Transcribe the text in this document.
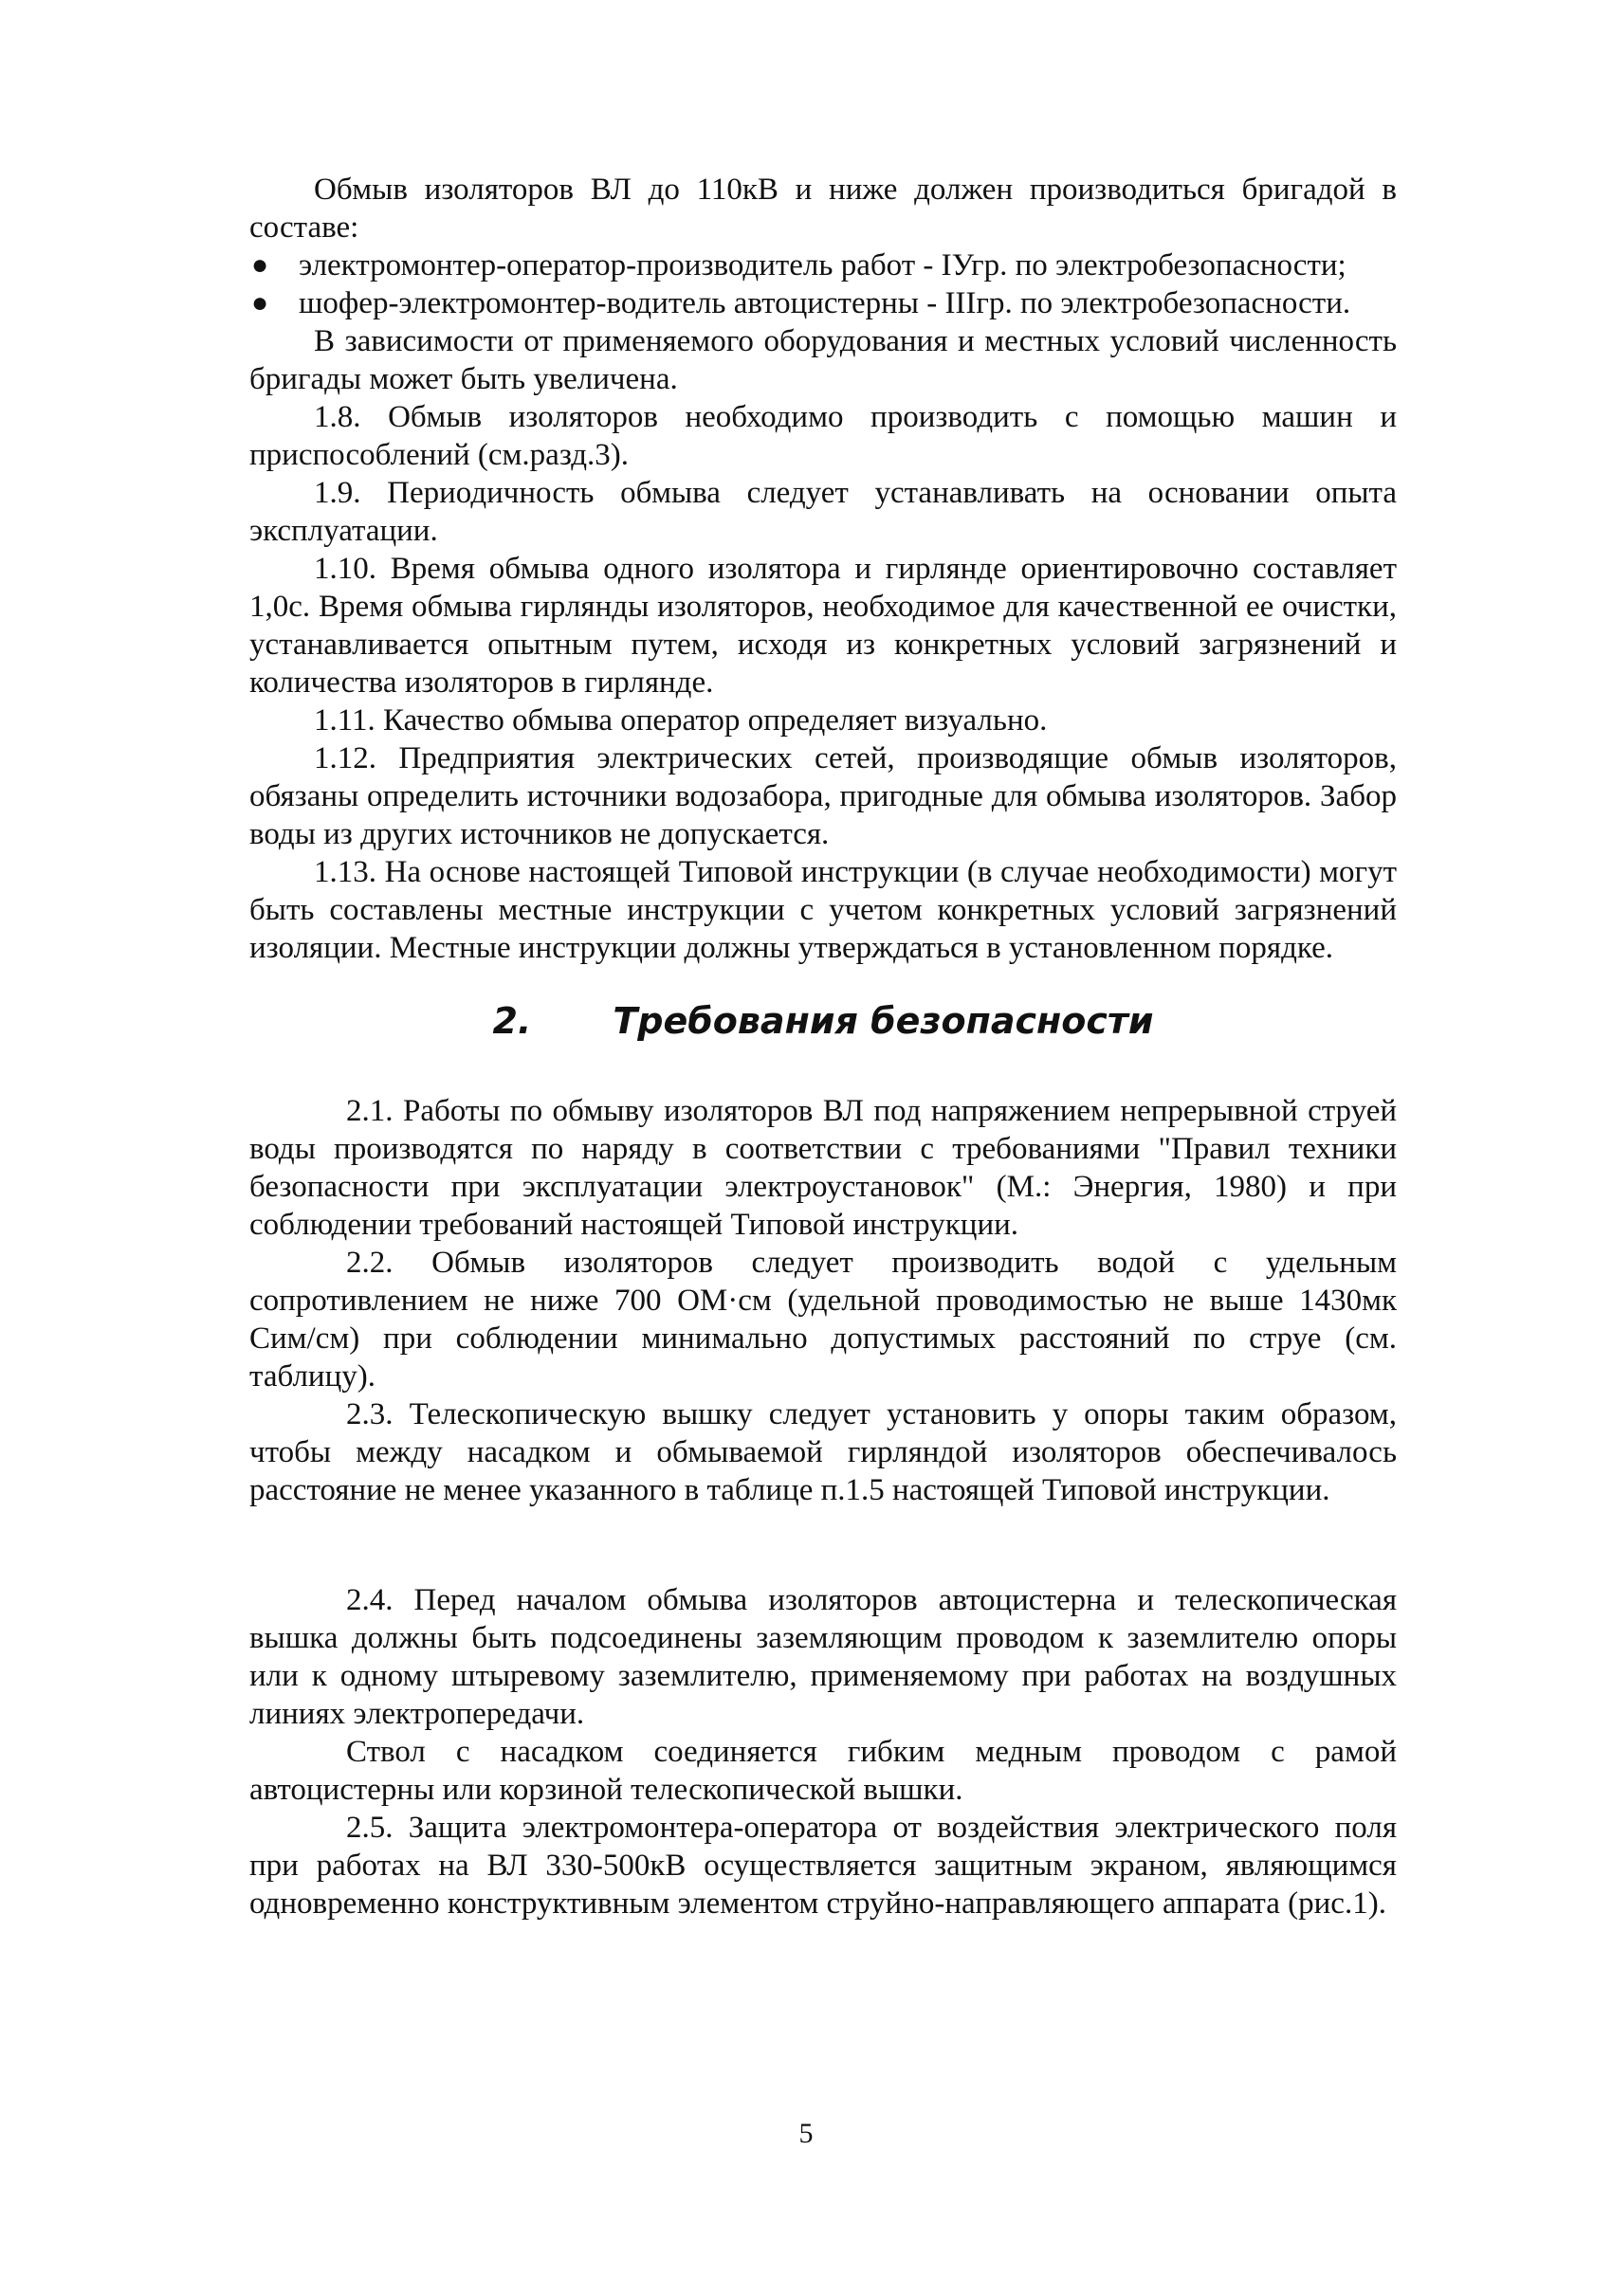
Обмыв изоляторов ВЛ до 110кВ и ниже должен производиться бригадой в составе:

● электромонтер-оператор-производитель работ - IУгр. по электробезопасности;
● шофер-электромонтер-водитель автоцистерны - IIIгр. по электробезопасности.

В зависимости от применяемого оборудования и местных условий численность бригады может быть увеличена.

1.8. Обмыв изоляторов необходимо производить с помощью машин и приспособлений (см.разд.3).

1.9. Периодичность обмыва следует устанавливать на основании опыта эксплуатации.

1.10. Время обмыва одного изолятора и гирлянде ориентировочно составляет 1,0с. Время обмыва гирлянды изоляторов, необходимое для качественной ее очистки, устанавливается опытным путем, исходя из конкретных условий загрязнений и количества изоляторов в гирлянде.

1.11. Качество обмыва оператор определяет визуально.

1.12. Предприятия электрических сетей, производящие обмыв изоляторов, обязаны определить источники водозабора, пригодные для обмыва изоляторов. Забор воды из других источников не допускается.

1.13. На основе настоящей Типовой инструкции (в случае необходимости) могут быть составлены местные инструкции с учетом конкретных условий загрязнений изоляции. Местные инструкции должны утверждаться в установленном порядке.

2. Требования безопасности

2.1. Работы по обмыву изоляторов ВЛ под напряжением непрерывной струей воды производятся по наряду в соответствии с требованиями "Правил техники безопасности при эксплуатации электроустановок" (М.: Энергия, 1980) и при соблюдении требований настоящей Типовой инструкции.

2.2. Обмыв изоляторов следует производить водой с удельным сопротивлением не ниже 700 ОМ·см (удельной проводимостью не выше 1430мк Сим/см) при соблюдении минимально допустимых расстояний по струе (см. таблицу).

2.3. Телескопическую вышку следует установить у опоры таким образом, чтобы между насадком и обмываемой гирляндой изоляторов обеспечивалось расстояние не менее указанного в таблице п.1.5 настоящей Типовой инструкции.

2.4. Перед началом обмыва изоляторов автоцистерна и телескопическая вышка должны быть подсоединены заземляющим проводом к заземлителю опоры или к одному штыревому заземлителю, применяемому при работах на воздушных линиях электропередачи.

Ствол с насадком соединяется гибким медным проводом с рамой автоцистерны или корзиной телескопической вышки.

2.5. Защита электромонтера-оператора от воздействия электрического поля при работах на ВЛ 330-500кВ осуществляется защитным экраном, являющимся одновременно конструктивным элементом струйно-направляющего аппарата (рис.1).

5
